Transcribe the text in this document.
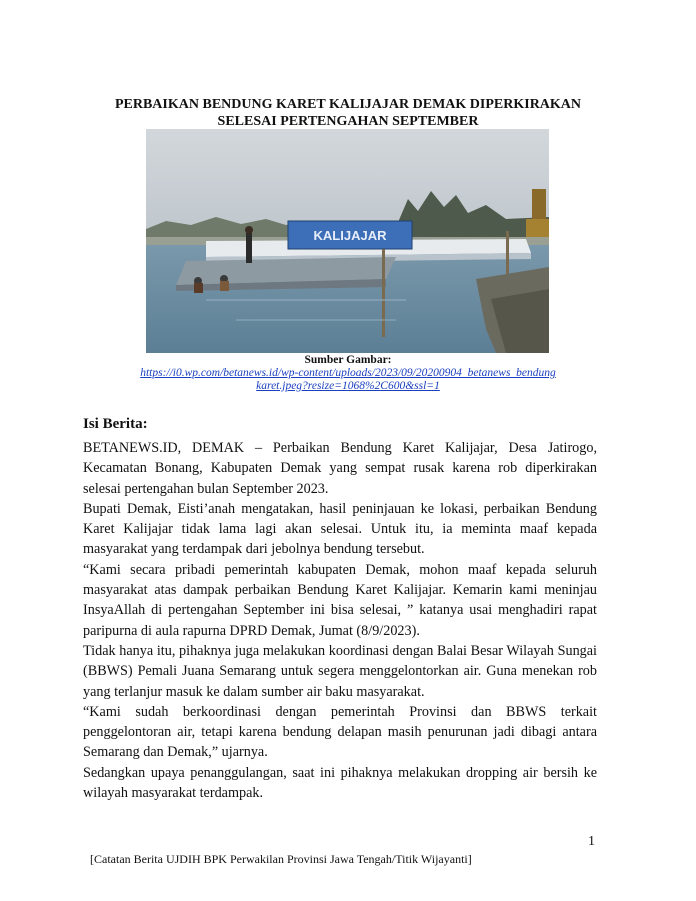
PERBAIKAN BENDUNG KARET KALIJAJAR DEMAK DIPERKIRAKAN
SELESAI PERTENGAHAN SEPTEMBER
KALIJAJAR
Sumber Gambar:
https://i0.wp.com/betanews.id/wp-content/uploads/2023/09/20200904_betanews_bendung
karet.jpeg?resize=1068%2C600&ssl=1
Isi Berita:

BETANEWS.ID, DEMAK – Perbaikan Bendung Karet Kalijajar, Desa Jatirogo, Kecamatan Bonang, Kabupaten Demak yang sempat rusak karena rob diperkirakan selesai pertengahan bulan September 2023.

Bupati Demak, Eisti’anah mengatakan, hasil peninjauan ke lokasi, perbaikan Bendung Karet Kalijajar tidak lama lagi akan selesai. Untuk itu, ia meminta maaf kepada masyarakat yang terdampak dari jebolnya bendung tersebut.

“Kami secara pribadi pemerintah kabupaten Demak, mohon maaf kepada seluruh masyarakat atas dampak perbaikan Bendung Karet Kalijajar. Kemarin kami meninjau InsyaAllah di pertengahan September ini bisa selesai, ” katanya usai menghadiri rapat paripurna di aula rapurna DPRD Demak, Jumat (8/9/2023).

Tidak hanya itu, pihaknya juga melakukan koordinasi dengan Balai Besar Wilayah Sungai (BBWS) Pemali Juana Semarang untuk segera menggelontorkan air. Guna menekan rob yang terlanjur masuk ke dalam sumber air baku masyarakat.

“Kami sudah berkoordinasi dengan pemerintah Provinsi dan BBWS terkait penggelontoran air, tetapi karena bendung delapan masih penurunan jadi dibagi antara Semarang dan Demak,” ujarnya.

Sedangkan upaya penanggulangan, saat ini pihaknya melakukan dropping air bersih ke wilayah masyarakat terdampak.

1
[Catatan Berita UJDIH BPK Perwakilan Provinsi Jawa Tengah/Titik Wijayanti]
